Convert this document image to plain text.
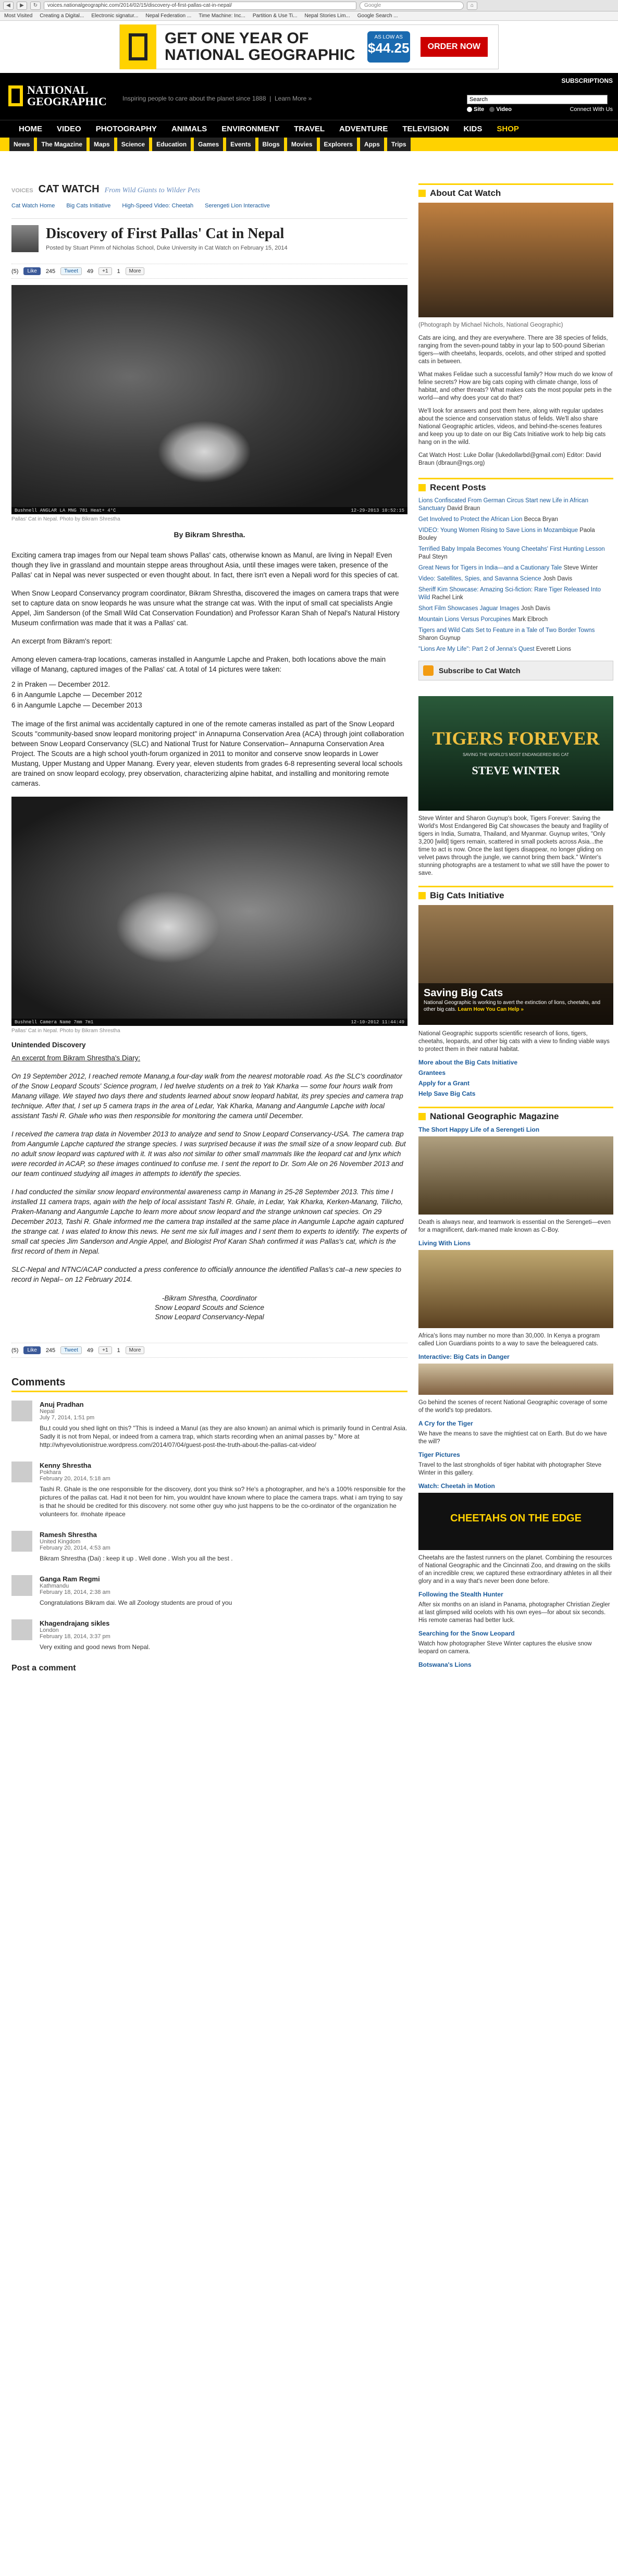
◀	▶	↻	voices.nationalgeographic.com/2014/02/15/discovery-of-first-pallas-cat-in-nepal/	Google	⌂
Most Visited Creating a Digital... Electronic signatur... Nepal Federation ... Time Machine: Inc... Partition & Use Ti... Nepal Stories Lim... Google Search ...
GET ONE YEAR OF
NATIONAL GEOGRAPHIC
AS LOW AS
$44.25	ORDER NOW
NATIONAL
GEOGRAPHIC	Inspiring people to care about the planet since 1888  |  Learn More »
SUBSCRIPTIONS
Search
Site	Video	Connect With Us
HOME	VIDEO	PHOTOGRAPHY	ANIMALS	ENVIRONMENT	TRAVEL	ADVENTURE	TELEVISION	KIDS	SHOP
News	The Magazine	Maps	Science	Education	Games	Events	Blogs	Movies	Explorers	Apps	Trips
VOICES CAT WATCH From Wild Giants to Wilder Pets
Cat Watch Home Big Cats Initiative High-Speed Video: Cheetah Serengeti Lion Interactive
Discovery of First Pallas' Cat in Nepal
Posted by Stuart Pimm of Nicholas School, Duke University in Cat Watch on February 15, 2014
(5)	Like	245	Tweet	49	+1	1	More
Bushnell ANGLAR LA MNG 781 Heat+ 4°C	12-29-2013 10:52:15
Pallas' Cat in Nepal. Photo by Bikram Shrestha
By Bikram Shrestha.
Exciting camera trap images from our Nepal team shows Pallas' cats, otherwise known as Manul, are living in Nepal! Even though they live in grassland and mountain steppe areas throughout Asia, until these images were taken, presence of the Pallas' cat in Nepal was never suspected or even thought about. In fact, there isn't even a Nepali word for this species of cat.
When Snow Leopard Conservancy program coordinator, Bikram Shrestha, discovered the images on camera traps that were set to capture data on snow leopards he was unsure what the strange cat was. With the input of small cat specialists Angie Appel, Jim Sanderson (of the Small Wild Cat Conservation Foundation) and Professor Karan Shah of Nepal's Natural History Museum confirmation was made that it was a Pallas' cat.
An excerpt from Bikram's report:
Among eleven camera-trap locations, cameras installed in Aangumle Lapche and Praken, both locations above the main village of Manang, captured images of the Pallas' cat. A total of 14 pictures were taken:
2 in Praken — December 2012.
6 in Aangumle Lapche — December 2012
6 in Aangumle Lapche — December 2013
The image of the first animal was accidentally captured in one of the remote cameras installed as part of the Snow Leopard Scouts "community-based snow leopard monitoring project" in Annapurna Conservation Area (ACA) through joint collaboration between Snow Leopard Conservancy (SLC) and National Trust for Nature Conservation– Annapurna Conservation Area Project. The Scouts are a high school youth-forum organized in 2011 to monitor and conserve snow leopards in Lower Mustang, Upper Mustang and Upper Manang. Every year, eleven students from grades 6-8 representing several local schools are trained on snow leopard ecology, prey observation, characterizing alpine habitat, and installing and monitoring remote cameras.
Bushnell Camera Name 7mm 7m1	12-10-2012 11:44:49
Pallas' Cat in Nepal. Photo by Bikram Shrestha
Unintended Discovery
An excerpt from Bikram Shrestha's Diary:
On 19 September 2012, I reached remote Manang,a four-day walk from the nearest motorable road. As the SLC's coordinator of the Snow Leopard Scouts' Science program, I led twelve students on a trek to Yak Kharka — some four hours walk from Manang village. We stayed two days there and students learned about snow leopard habitat, its prey species and camera trap technique. After that, I set up 5 camera traps in the area of Ledar, Yak Kharka, Manang and Aangumle Lapche with local assistant Tashi R. Ghale who was then responsible for monitoring the camera until December.
I received the camera trap data in November 2013 to analyze and send to Snow Leopard Conservancy-USA. The camera trap from Aangumle Lapche captured the strange species. I was surprised because it was the small size of a snow leopard cub. But no adult snow leopard was captured with it. It was also not similar to other small mammals like the leopard cat and lynx which were recorded in ACAP, so these images continued to confuse me. I sent the report to Dr. Som Ale on 26 November 2013 and our team continued studying all images in attempts to identify the species.
I had conducted the similar snow leopard environmental awareness camp in Manang in 25-28 September 2013. This time I installed 11 camera traps, again with the help of local assistant Tashi R. Ghale, in Ledar, Yak Kharka, Kerken-Manang, Tilicho, Praken-Manang and Aangumle Lapche to learn more about snow leopard and the strange unknown cat species. On 29 December 2013, Tashi R. Ghale informed me the camera trap installed at the same place in Aangumle Lapche again captured the strange cat. I was elated to know this news. He sent me six full images and I sent them to experts to identify. The experts of small cat species Jim Sanderson and Angie Appel, and Biologist Prof Karan Shah confirmed it was Pallas's cat, which is the first record of them in Nepal.
SLC-Nepal and NTNC/ACAP conducted a press conference to officially announce the identified Pallas's cat–a new species to record in Nepal– on 12 February 2014.
-Bikram Shrestha, Coordinator
Snow Leopard Scouts and Science
Snow Leopard Conservancy-Nepal
(5)	Like	245	Tweet	49	+1	1	More
Comments
Anuj Pradhan
Nepal
July 7, 2014, 1:51 pm
Bu,t could you shed light on this? "This is indeed a Manul (as they are also known) an animal which is primarily found in Central Asia. Sadly it is not from Nepal, or indeed from a camera trap, which starts recording when an animal passes by." More at http://whyevolutionistrue.wordpress.com/2014/07/04/guest-post-the-truth-about-the-pallas-cat-video/
Kenny Shrestha
Pokhara
February 20, 2014, 5:18 am
Tashi R. Ghale is the one responsible for the discovery, dont you think so? He's a photographer, and he's a 100% responsible for the pictures of the pallas cat. Had it not been for him, you wouldnt have known where to place the camera traps. what i am trying to say is that he should be credited for this discovery. not some other guy who just happens to be the co-ordinator of the organization he volunteers for. #nohate #peace
Ramesh Shrestha
United Kingdom
February 20, 2014, 4:53 am
Bikram Shrestha (Dai) : keep it up . Well done . Wish you all the best .
Ganga Ram Regmi
Kathmandu
February 18, 2014, 2:38 am
Congratulations Bikram dai. We all Zoology students are proud of you
Khagendrajang sikles
London
February 18, 2014, 3:37 pm
Very exiting and good news from Nepal.
Post a comment
About Cat Watch
(Photograph by Michael Nichols, National Geographic)
Cats are icing, and they are everywhere. There are 38 species of felids, ranging from the seven-pound tabby in your lap to 500-pound Siberian tigers—with cheetahs, leopards, ocelots, and other striped and spotted cats in between.
What makes Felidae such a successful family? How much do we know of feline secrets? How are big cats coping with climate change, loss of habitat, and other threats? What makes cats the most popular pets in the world—and why does your cat do that?
We'll look for answers and post them here, along with regular updates about the science and conservation status of felids. We'll also share National Geographic articles, videos, and behind-the-scenes features and keep you up to date on our Big Cats Initiative work to help big cats hang on in the wild.
Cat Watch Host: Luke Dollar (lukedollarbd@gmail.com) Editor: David Braun (dbraun@ngs.org)
Recent Posts
Lions Confiscated From German Circus Start new Life in African Sanctuary David Braun
Get Involved to Protect the African Lion Becca Bryan
VIDEO: Young Women Rising to Save Lions in Mozambique Paola Bouley
Terrified Baby Impala Becomes Young Cheetahs' First Hunting Lesson Paul Steyn
Great News for Tigers in India—and a Cautionary Tale Steve Winter
Video: Satellites, Spies, and Savanna Science Josh Davis
Sheriff Kim Showcase: Amazing Sci-fiction: Rare Tiger Released Into Wild Rachel Link
Short Film Showcases Jaguar Images Josh Davis
Mountain Lions Versus Porcupines Mark Elbroch
Tigers and Wild Cats Set to Feature in a Tale of Two Border Towns Sharon Guynup
"Lions Are My Life": Part 2 of Jenna's Quest Everett Lions
Subscribe to Cat Watch
TIGERS FOREVER
SAVING THE WORLD'S MOST ENDANGERED BIG CAT
STEVE WINTER
Steve Winter and Sharon Guynup's book, Tigers Forever: Saving the World's Most Endangered Big Cat showcases the beauty and fragility of tigers in India, Sumatra, Thailand, and Myanmar. Guynup writes, "Only 3,200 [wild] tigers remain, scattered in small pockets across Asia...the time to act is now. Once the last tigers disappear, no longer gliding on velvet paws through the jungle, we cannot bring them back." Winter's stunning photographs are a testament to what we still have the power to save.
Big Cats Initiative
Saving Big Cats
National Geographic is working to avert the extinction of lions, cheetahs, and other big cats. Learn How You Can Help »
National Geographic supports scientific research of lions, tigers, cheetahs, leopards, and other big cats with a view to finding viable ways to protect them in their natural habitat.
More about the Big Cats Initiative
Grantees
Apply for a Grant
Help Save Big Cats
National Geographic Magazine
The Short Happy Life of a Serengeti Lion
Death is always near, and teamwork is essential on the Serengeti—even for a magnificent, dark-maned male known as C-Boy.
Living With Lions
Africa's lions may number no more than 30,000. In Kenya a program called Lion Guardians points to a way to save the beleaguered cats.
Interactive: Big Cats in Danger
Go behind the scenes of recent National Geographic coverage of some of the world's top predators.
A Cry for the Tiger
We have the means to save the mightiest cat on Earth. But do we have the will?
Tiger Pictures
Travel to the last strongholds of tiger habitat with photographer Steve Winter in this gallery.
Watch: Cheetah in Motion
CHEETAHS ON THE EDGE
Cheetahs are the fastest runners on the planet. Combining the resources of National Geographic and the Cincinnati Zoo, and drawing on the skills of an incredible crew, we captured these extraordinary athletes in all their glory and in a way that's never been done before.
Following the Stealth Hunter
After six months on an island in Panama, photographer Christian Ziegler at last glimpsed wild ocelots with his own eyes—for about six seconds. His remote cameras had better luck.
Searching for the Snow Leopard
Watch how photographer Steve Winter captures the elusive snow leopard on camera.
Botswana's Lions
